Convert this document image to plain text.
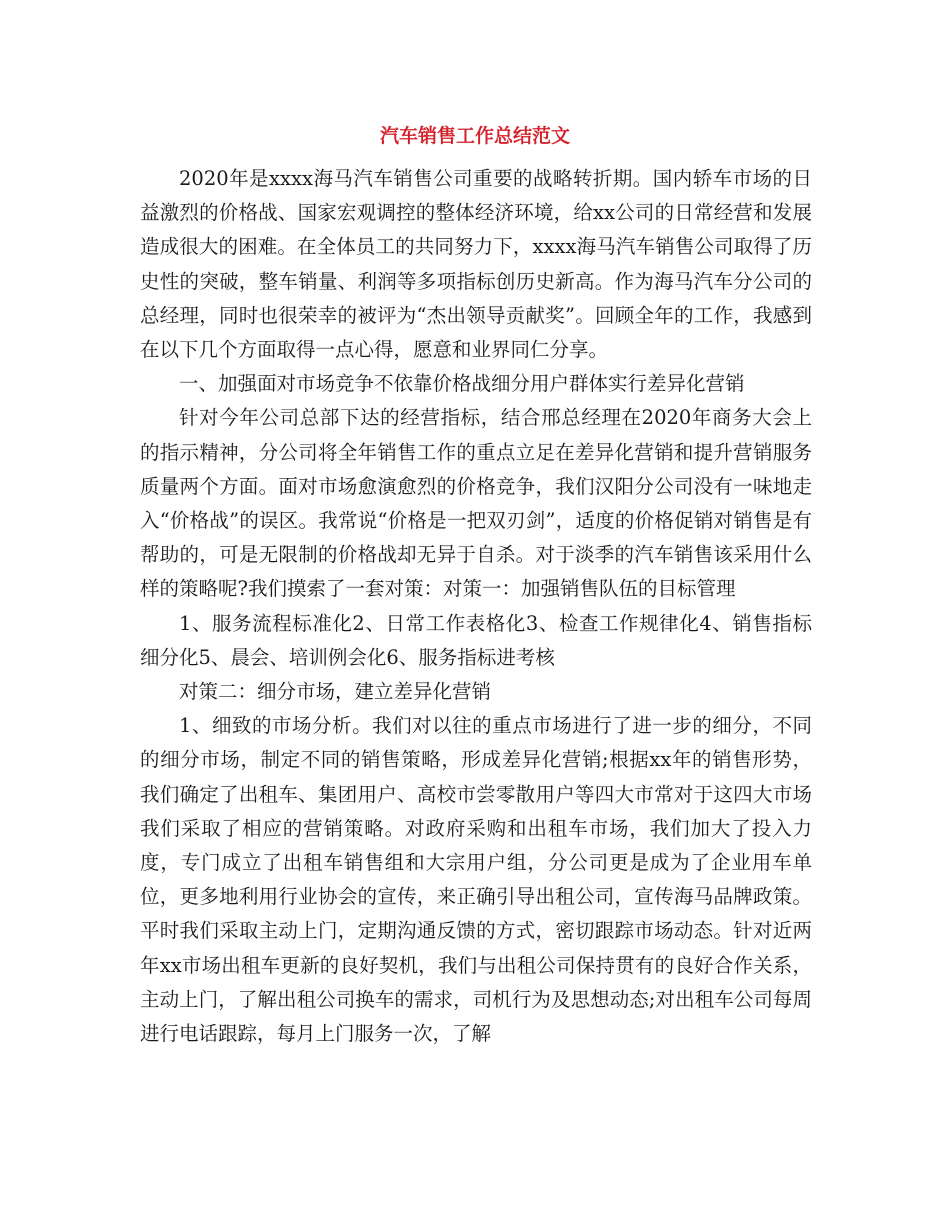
汽车销售工作总结范文

2020年是xxxx海马汽车销售公司重要的战略转折期。国内轿车市场的日益激烈的价格战、国家宏观调控的整体经济环境，给xx公司的日常经营和发展造成很大的困难。在全体员工的共同努力下，xxxx海马汽车销售公司取得了历史性的突破，整车销量、利润等多项指标创历史新高。作为海马汽车分公司的总经理，同时也很荣幸的被评为“杰出领导贡献奖”。回顾全年的工作，我感到在以下几个方面取得一点心得，愿意和业界同仁分享。

一、加强面对市场竞争不依靠价格战细分用户群体实行差异化营销

针对今年公司总部下达的经营指标，结合邢总经理在2020年商务大会上的指示精神，分公司将全年销售工作的重点立足在差异化营销和提升营销服务质量两个方面。面对市场愈演愈烈的价格竞争，我们汉阳分公司没有一味地走入“价格战”的误区。我常说“价格是一把双刃剑”，适度的价格促销对销售是有帮助的，可是无限制的价格战却无异于自杀。对于淡季的汽车销售该采用什么样的策略呢?我们摸索了一套对策：对策一：加强销售队伍的目标管理

1、服务流程标准化2、日常工作表格化3、检查工作规律化4、销售指标细分化5、晨会、培训例会化6、服务指标进考核

对策二：细分市场，建立差异化营销

1、细致的市场分析。我们对以往的重点市场进行了进一步的细分，不同的细分市场，制定不同的销售策略，形成差异化营销;根据xx年的销售形势，我们确定了出租车、集团用户、高校市尝零散用户等四大市常对于这四大市场我们采取了相应的营销策略。对政府采购和出租车市场，我们加大了投入力度，专门成立了出租车销售组和大宗用户组，分公司更是成为了企业用车单位，更多地利用行业协会的宣传，来正确引导出租公司，宣传海马品牌政策。平时我们采取主动上门，定期沟通反馈的方式，密切跟踪市场动态。针对近两年xx市场出租车更新的良好契机，我们与出租公司保持贯有的良好合作关系，主动上门，了解出租公司换车的需求，司机行为及思想动态;对出租车公司每周进行电话跟踪，每月上门服务一次，了解
